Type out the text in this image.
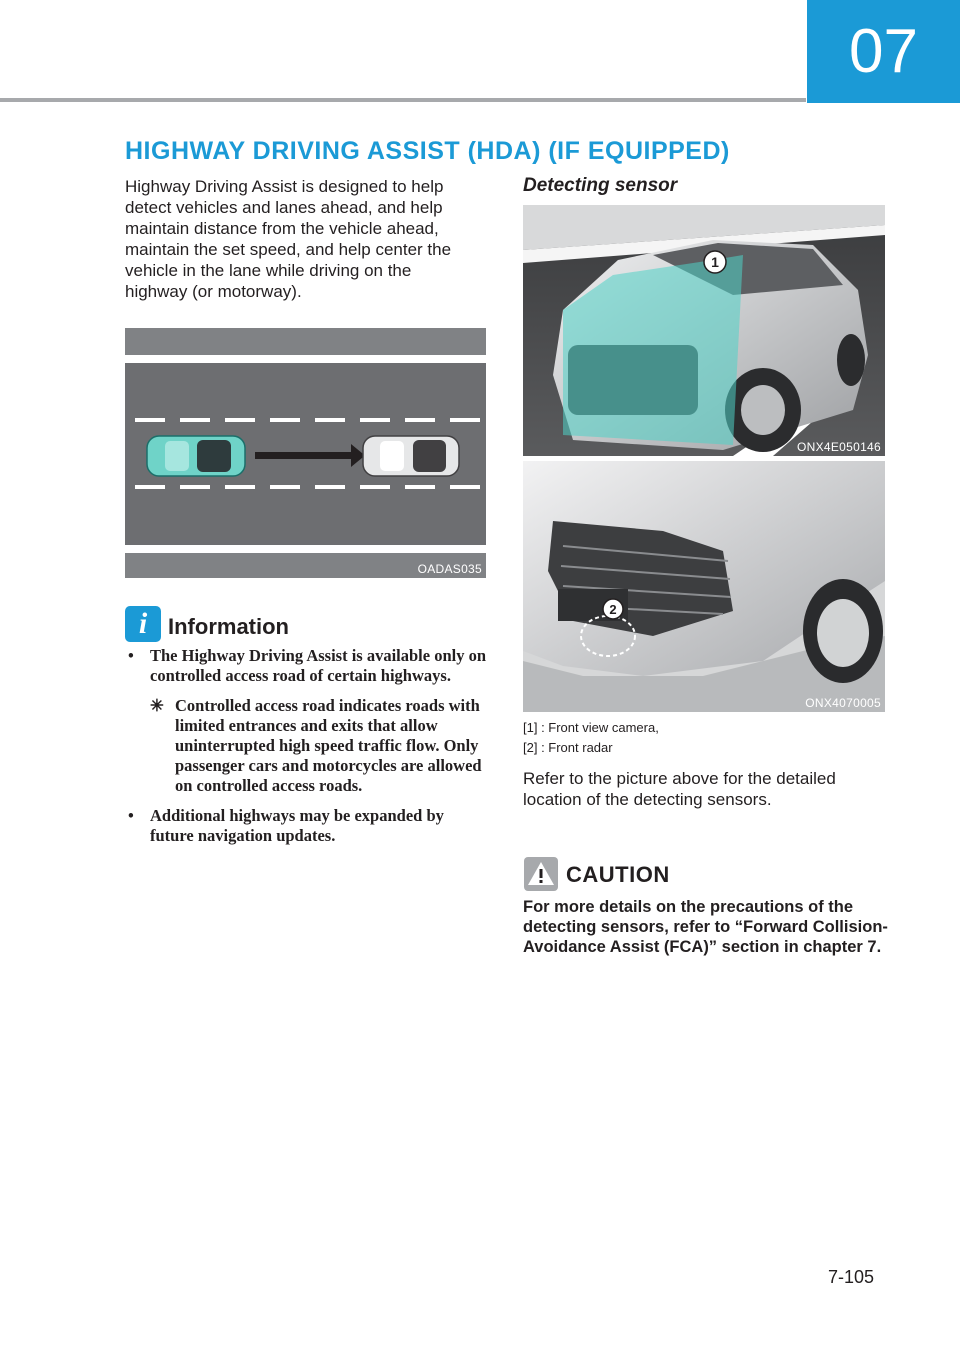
07
HIGHWAY DRIVING ASSIST (HDA) (IF EQUIPPED)
Highway Driving Assist is designed to help detect vehicles and lanes ahead, and help maintain distance from the vehicle ahead, maintain the set speed, and help center the vehicle in the lane while driving on the highway (or motorway).
OADAS035
i Information
• The Highway Driving Assist is available only on controlled access road of certain highways.
✳ Controlled access road indicates roads with limited entrances and exits that allow uninterrupted high speed traffic flow. Only passenger cars and motorcycles are allowed on controlled access roads.
• Additional highways may be expanded by future navigation updates.
Detecting sensor
1
ONX4E050146
2
ONX4070005
[1] : Front view camera,
[2] : Front radar
Refer to the picture above for the detailed location of the detecting sensors.
CAUTION
For more details on the precautions of the detecting sensors, refer to “Forward Collision-Avoidance Assist (FCA)” section in chapter 7.
7-105
